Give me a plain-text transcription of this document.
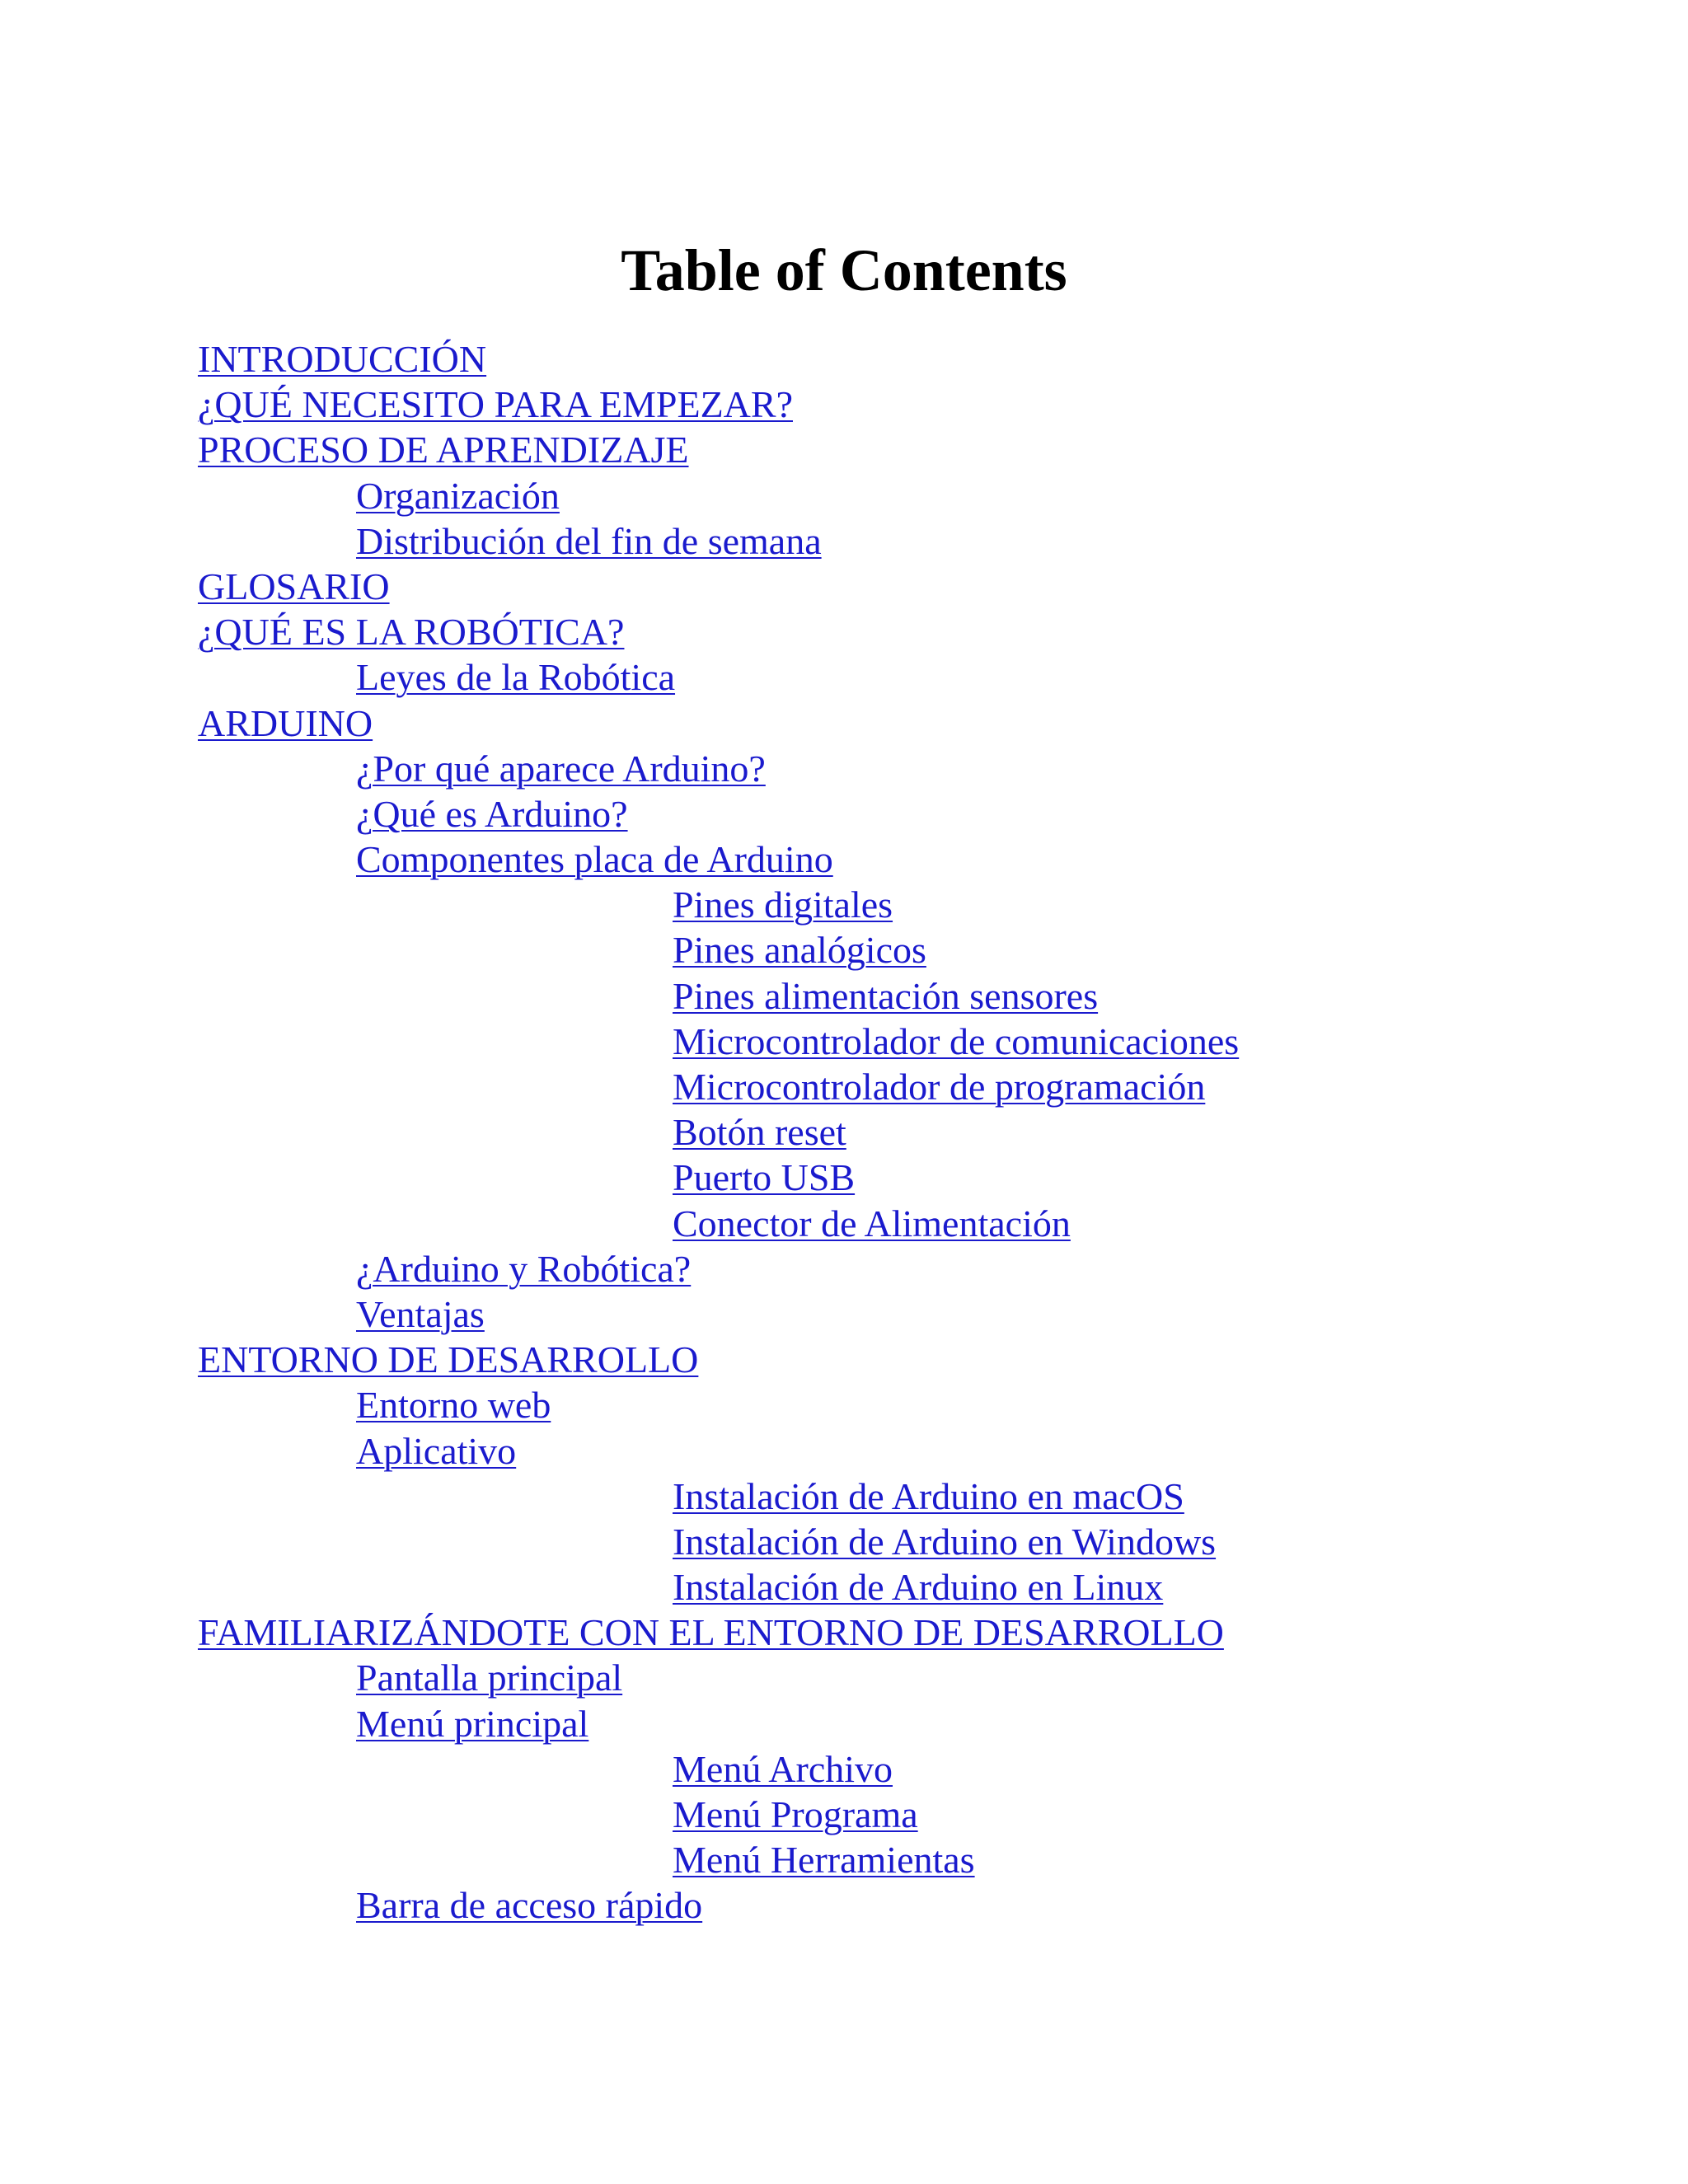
Table of Contents
INTRODUCCIÓN
¿QUÉ NECESITO PARA EMPEZAR?
PROCESO DE APRENDIZAJE
Organización
Distribución del fin de semana
GLOSARIO
¿QUÉ ES LA ROBÓTICA?
Leyes de la Robótica
ARDUINO
¿Por qué aparece Arduino?
¿Qué es Arduino?
Componentes placa de Arduino
Pines digitales
Pines analógicos
Pines alimentación sensores
Microcontrolador de comunicaciones
Microcontrolador de programación
Botón reset
Puerto USB
Conector de Alimentación
¿Arduino y Robótica?
Ventajas
ENTORNO DE DESARROLLO
Entorno web
Aplicativo
Instalación de Arduino en macOS
Instalación de Arduino en Windows
Instalación de Arduino en Linux
FAMILIARIZÁNDOTE CON EL ENTORNO DE DESARROLLO
Pantalla principal
Menú principal
Menú Archivo
Menú Programa
Menú Herramientas
Barra de acceso rápido
